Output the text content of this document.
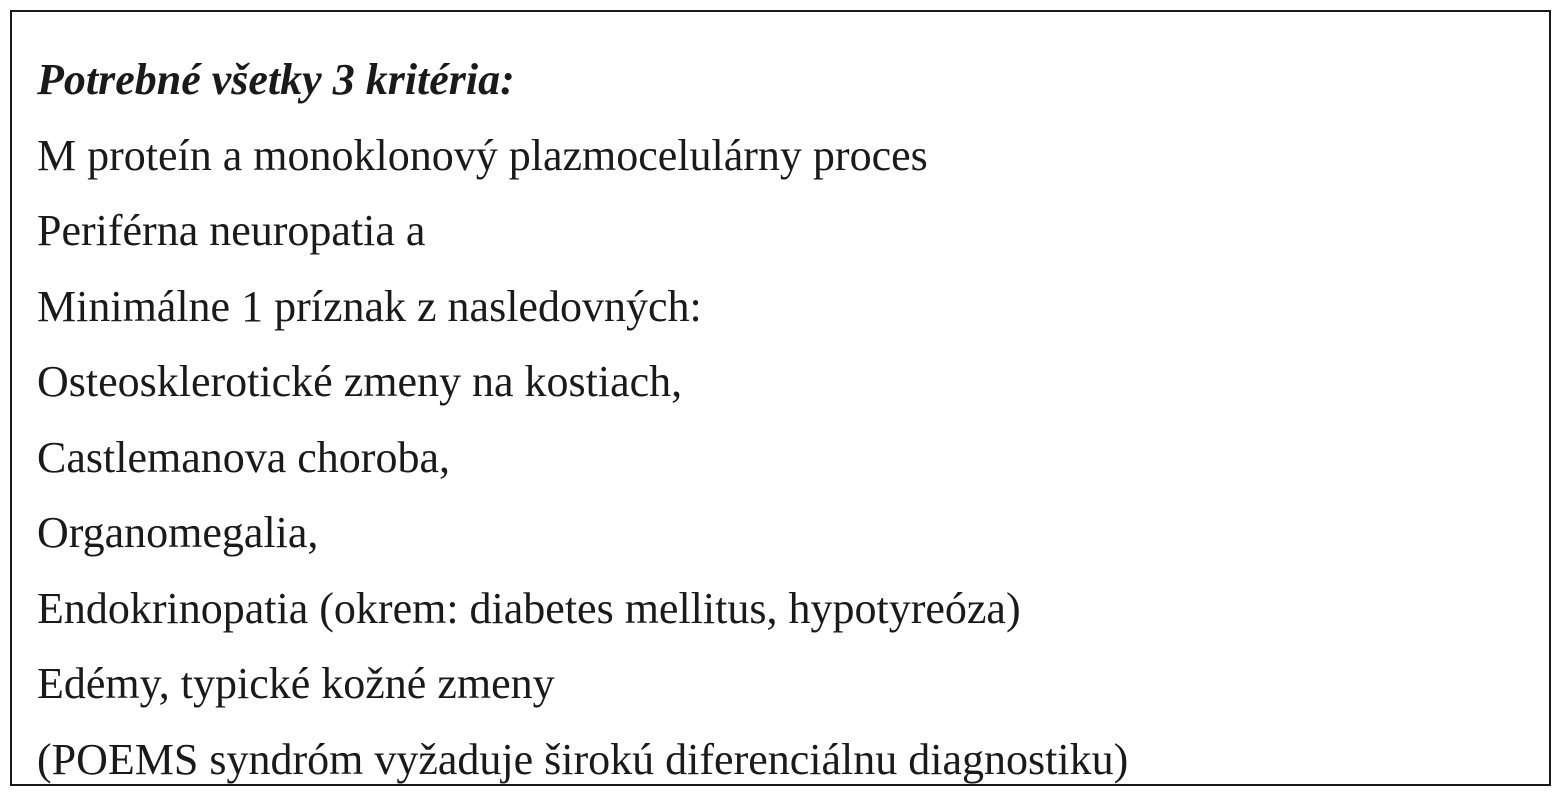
Potrebné všetky 3 kritéria:

M proteín a monoklonový plazmocelulárny proces

Periférna neuropatia a

Minimálne 1 príznak z nasledovných:

Osteosklerotické zmeny na kostiach,

Castlemanova choroba,

Organomegalia,

Endokrinopatia (okrem: diabetes mellitus, hypotyreóza)

Edémy, typické kožné zmeny

(POEMS syndróm vyžaduje širokú diferenciálnu diagnostiku)
